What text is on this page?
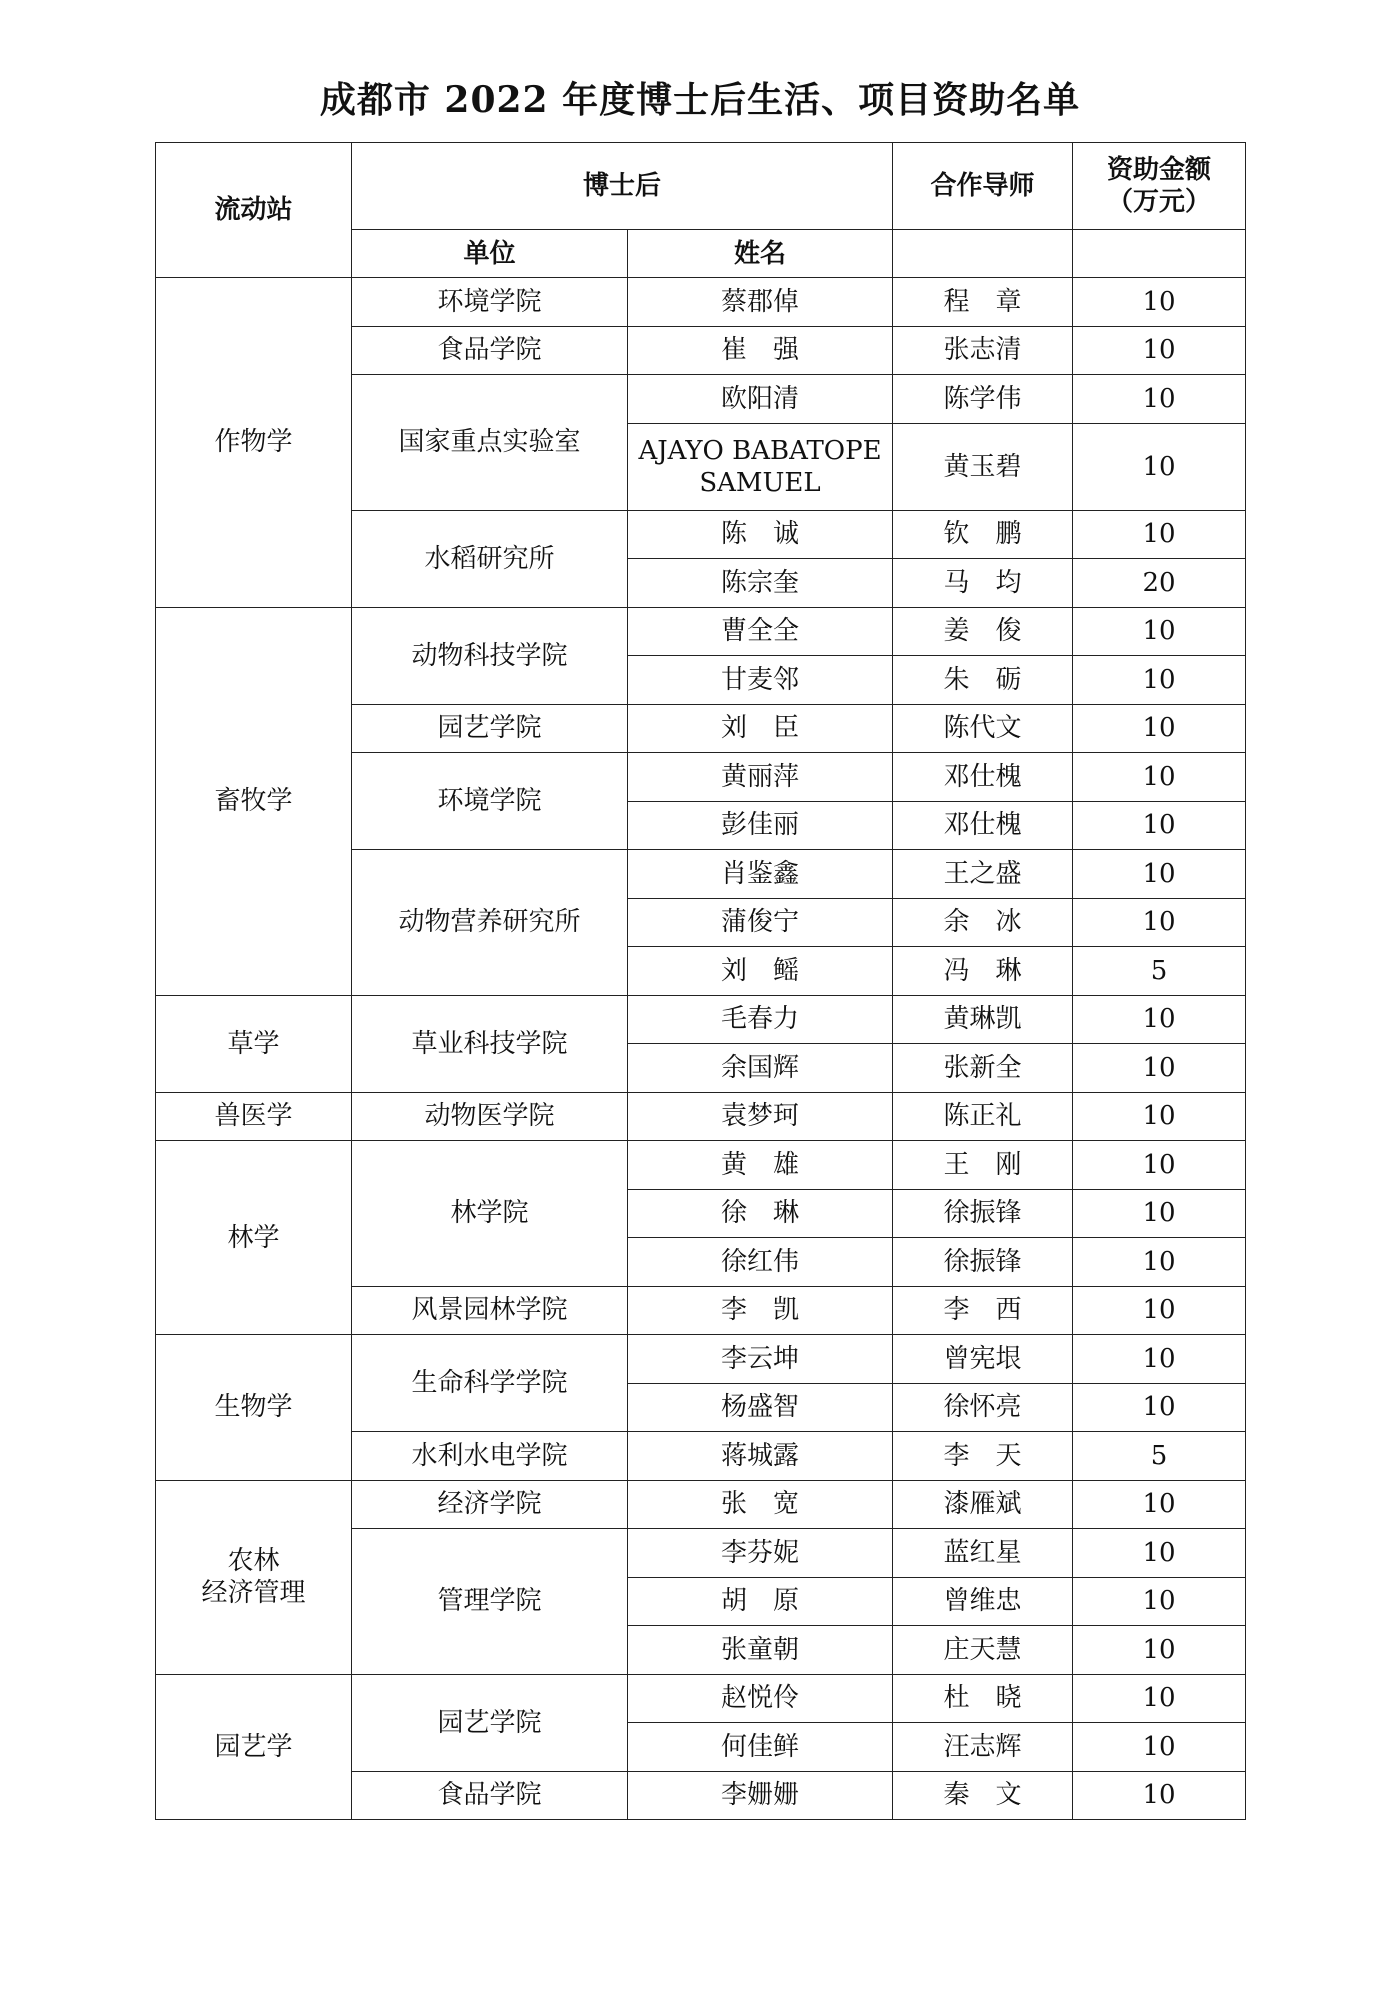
成都市 2022 年度博士后生活、项目资助名单
流动站	博士后		合作导师	资助金额
（万元）
	单位	姓名		
作物学	环境学院	蔡郡倬	程　章	10
	食品学院	崔　强	张志清	10
	国家重点实验室	欧阳清	陈学伟	10
		AJAYO BABATOPE
SAMUEL	黄玉碧	10
	水稻研究所	陈　诚	钦　鹏	10
		陈宗奎	马　均	20
畜牧学	动物科技学院	曹全全	姜　俊	10
		甘麦邻	朱　砺	10
	园艺学院	刘　臣	陈代文	10
	环境学院	黄丽萍	邓仕槐	10
		彭佳丽	邓仕槐	10
	动物营养研究所	肖鉴鑫	王之盛	10
		蒲俊宁	余　冰	10
		刘　鳐	冯　琳	5
草学	草业科技学院	毛春力	黄琳凯	10
		余国辉	张新全	10
兽医学	动物医学院	袁梦珂	陈正礼	10
林学	林学院	黄　雄	王　刚	10
		徐　琳	徐振锋	10
		徐红伟	徐振锋	10
	风景园林学院	李　凯	李　西	10
生物学	生命科学学院	李云坤	曾宪垠	10
		杨盛智	徐怀亮	10
	水利水电学院	蒋城露	李　天	5
农林
经济管理	经济学院	张　宽	漆雁斌	10
	管理学院	李芬妮	蓝红星	10
		胡　原	曾维忠	10
		张童朝	庄天慧	10
园艺学	园艺学院	赵悦伶	杜　晓	10
		何佳鲜	汪志辉	10
	食品学院	李姗姗	秦　文	10
